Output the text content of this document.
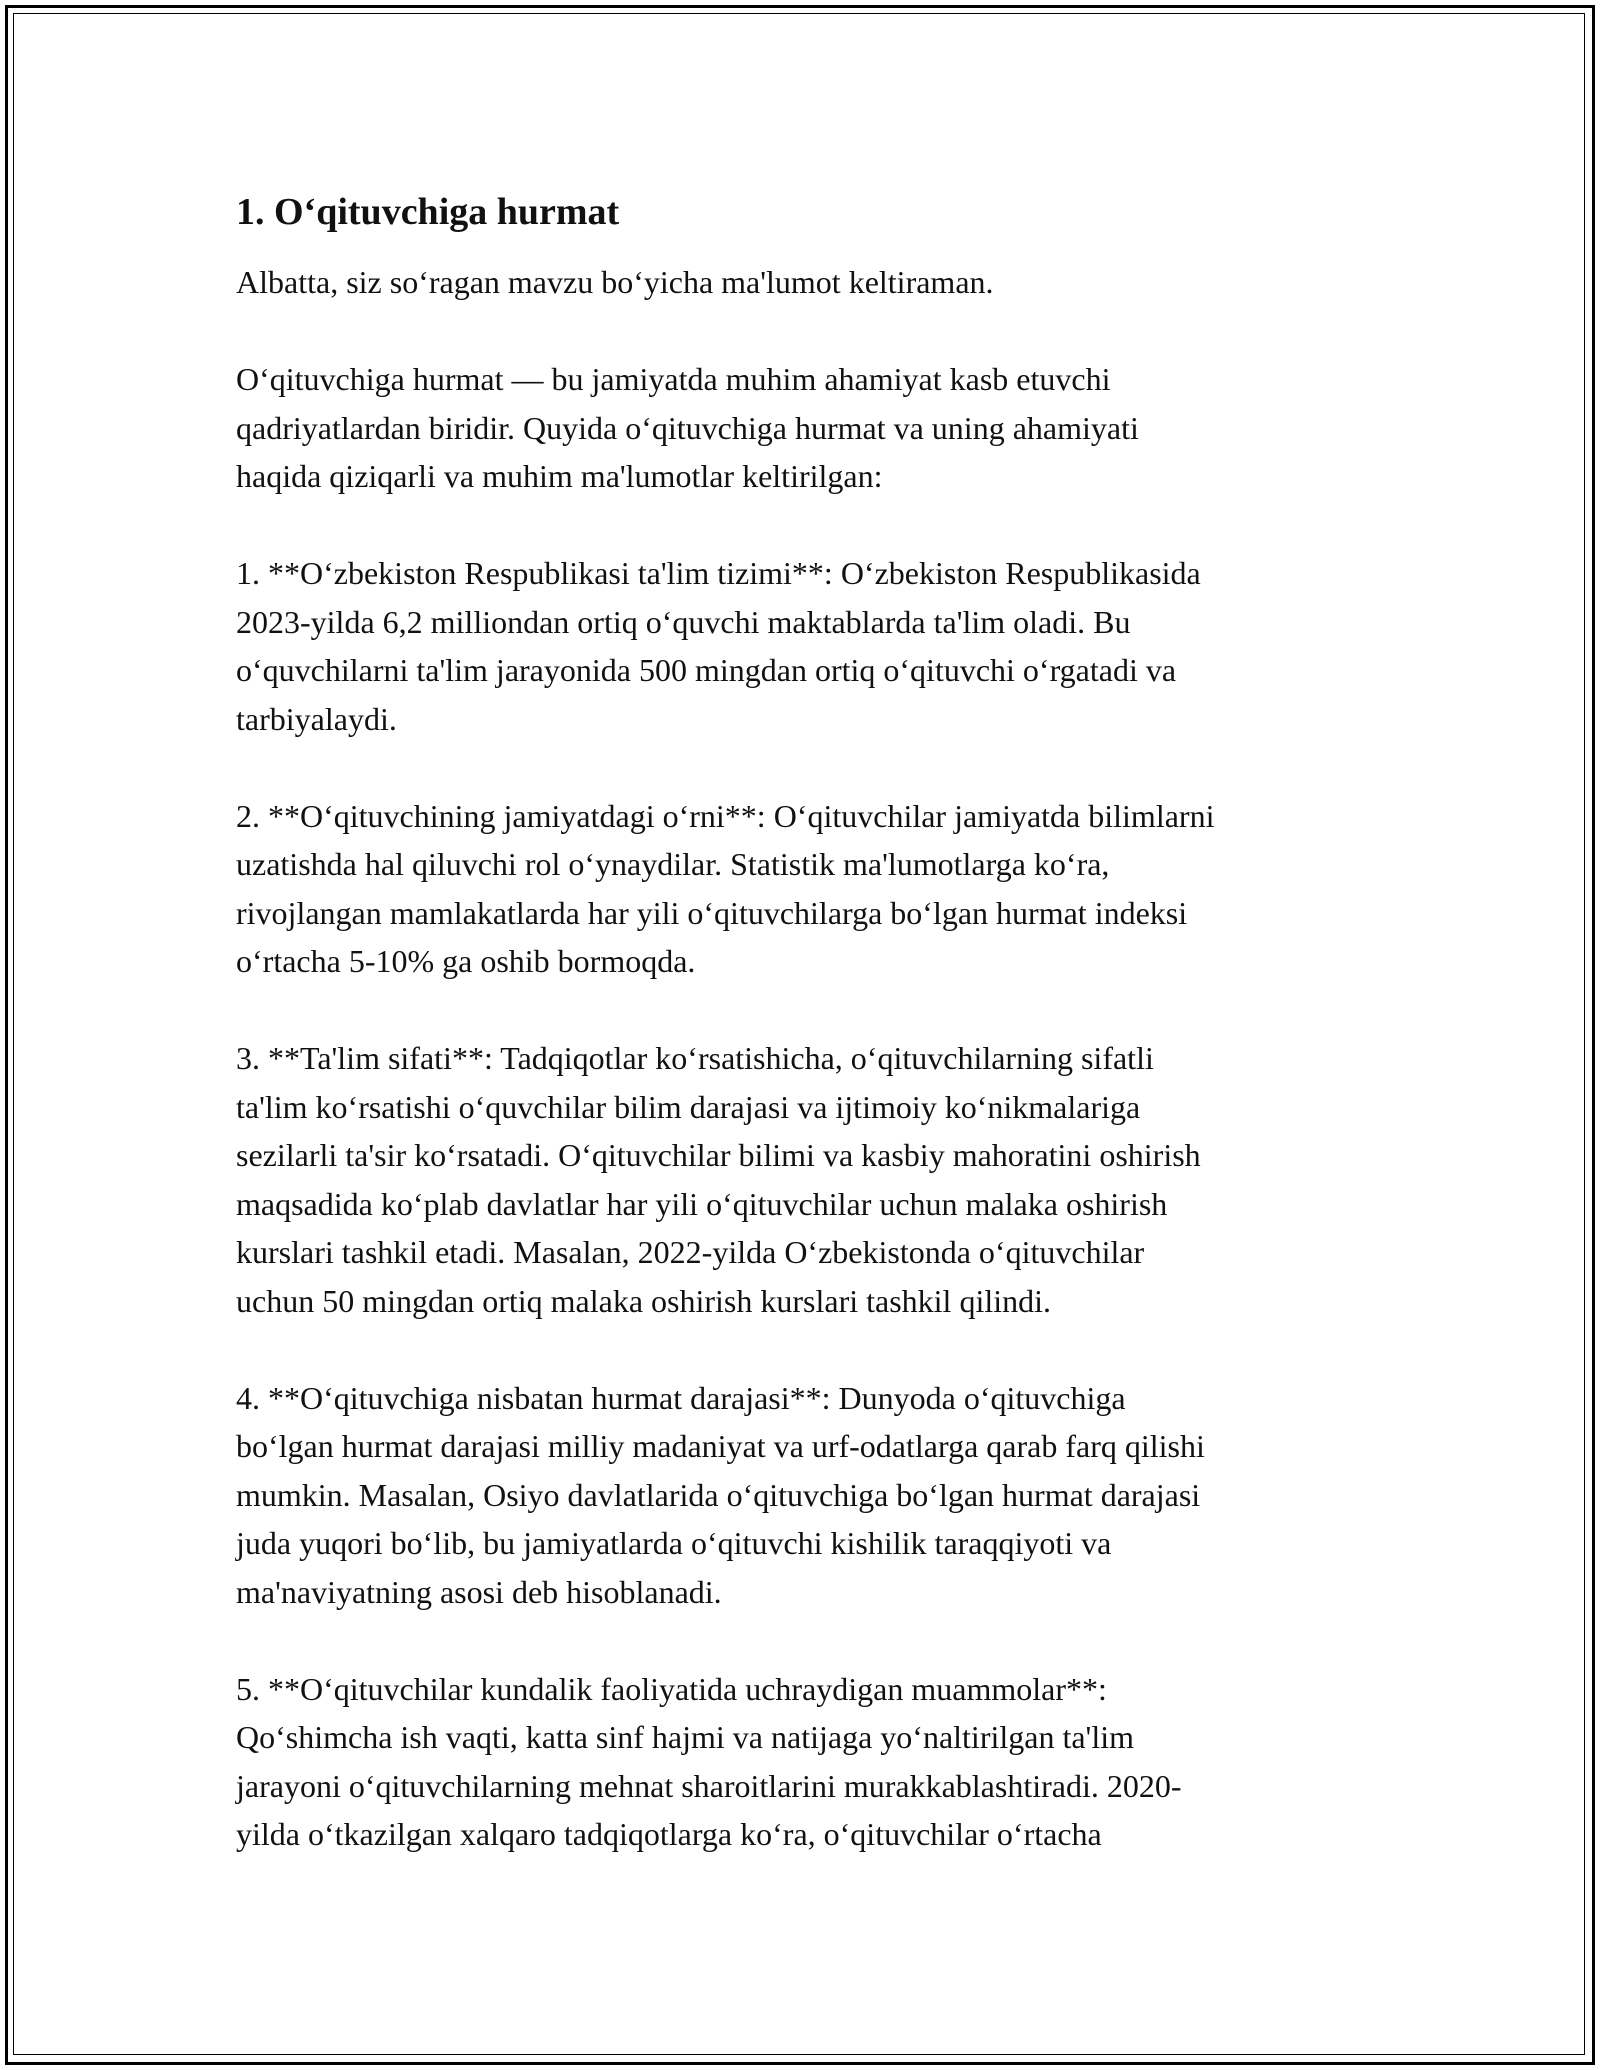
1. O‘qituvchiga hurmat

Albatta, siz so‘ragan mavzu bo‘yicha ma'lumot keltiraman.

O‘qituvchiga hurmat — bu jamiyatda muhim ahamiyat kasb etuvchi
qadriyatlardan biridir. Quyida o‘qituvchiga hurmat va uning ahamiyati
haqida qiziqarli va muhim ma'lumotlar keltirilgan:

1. **O‘zbekiston Respublikasi ta'lim tizimi**: O‘zbekiston Respublikasida
2023-yilda 6,2 milliondan ortiq o‘quvchi maktablarda ta'lim oladi. Bu
o‘quvchilarni ta'lim jarayonida 500 mingdan ortiq o‘qituvchi o‘rgatadi va
tarbiyalaydi.

2. **O‘qituvchining jamiyatdagi o‘rni**: O‘qituvchilar jamiyatda bilimlarni
uzatishda hal qiluvchi rol o‘ynaydilar. Statistik ma'lumotlarga ko‘ra,
rivojlangan mamlakatlarda har yili o‘qituvchilarga bo‘lgan hurmat indeksi
o‘rtacha 5-10% ga oshib bormoqda.

3. **Ta'lim sifati**: Tadqiqotlar ko‘rsatishicha, o‘qituvchilarning sifatli
ta'lim ko‘rsatishi o‘quvchilar bilim darajasi va ijtimoiy ko‘nikmalariga
sezilarli ta'sir ko‘rsatadi. O‘qituvchilar bilimi va kasbiy mahoratini oshirish
maqsadida ko‘plab davlatlar har yili o‘qituvchilar uchun malaka oshirish
kurslari tashkil etadi. Masalan, 2022-yilda O‘zbekistonda o‘qituvchilar
uchun 50 mingdan ortiq malaka oshirish kurslari tashkil qilindi.

4. **O‘qituvchiga nisbatan hurmat darajasi**: Dunyoda o‘qituvchiga
bo‘lgan hurmat darajasi milliy madaniyat va urf-odatlarga qarab farq qilishi
mumkin. Masalan, Osiyo davlatlarida o‘qituvchiga bo‘lgan hurmat darajasi
juda yuqori bo‘lib, bu jamiyatlarda o‘qituvchi kishilik taraqqiyoti va
ma'naviyatning asosi deb hisoblanadi.

5. **O‘qituvchilar kundalik faoliyatida uchraydigan muammolar**:
Qo‘shimcha ish vaqti, katta sinf hajmi va natijaga yo‘naltirilgan ta'lim
jarayoni o‘qituvchilarning mehnat sharoitlarini murakkablashtiradi. 2020-
yilda o‘tkazilgan xalqaro tadqiqotlarga ko‘ra, o‘qituvchilar o‘rtacha
